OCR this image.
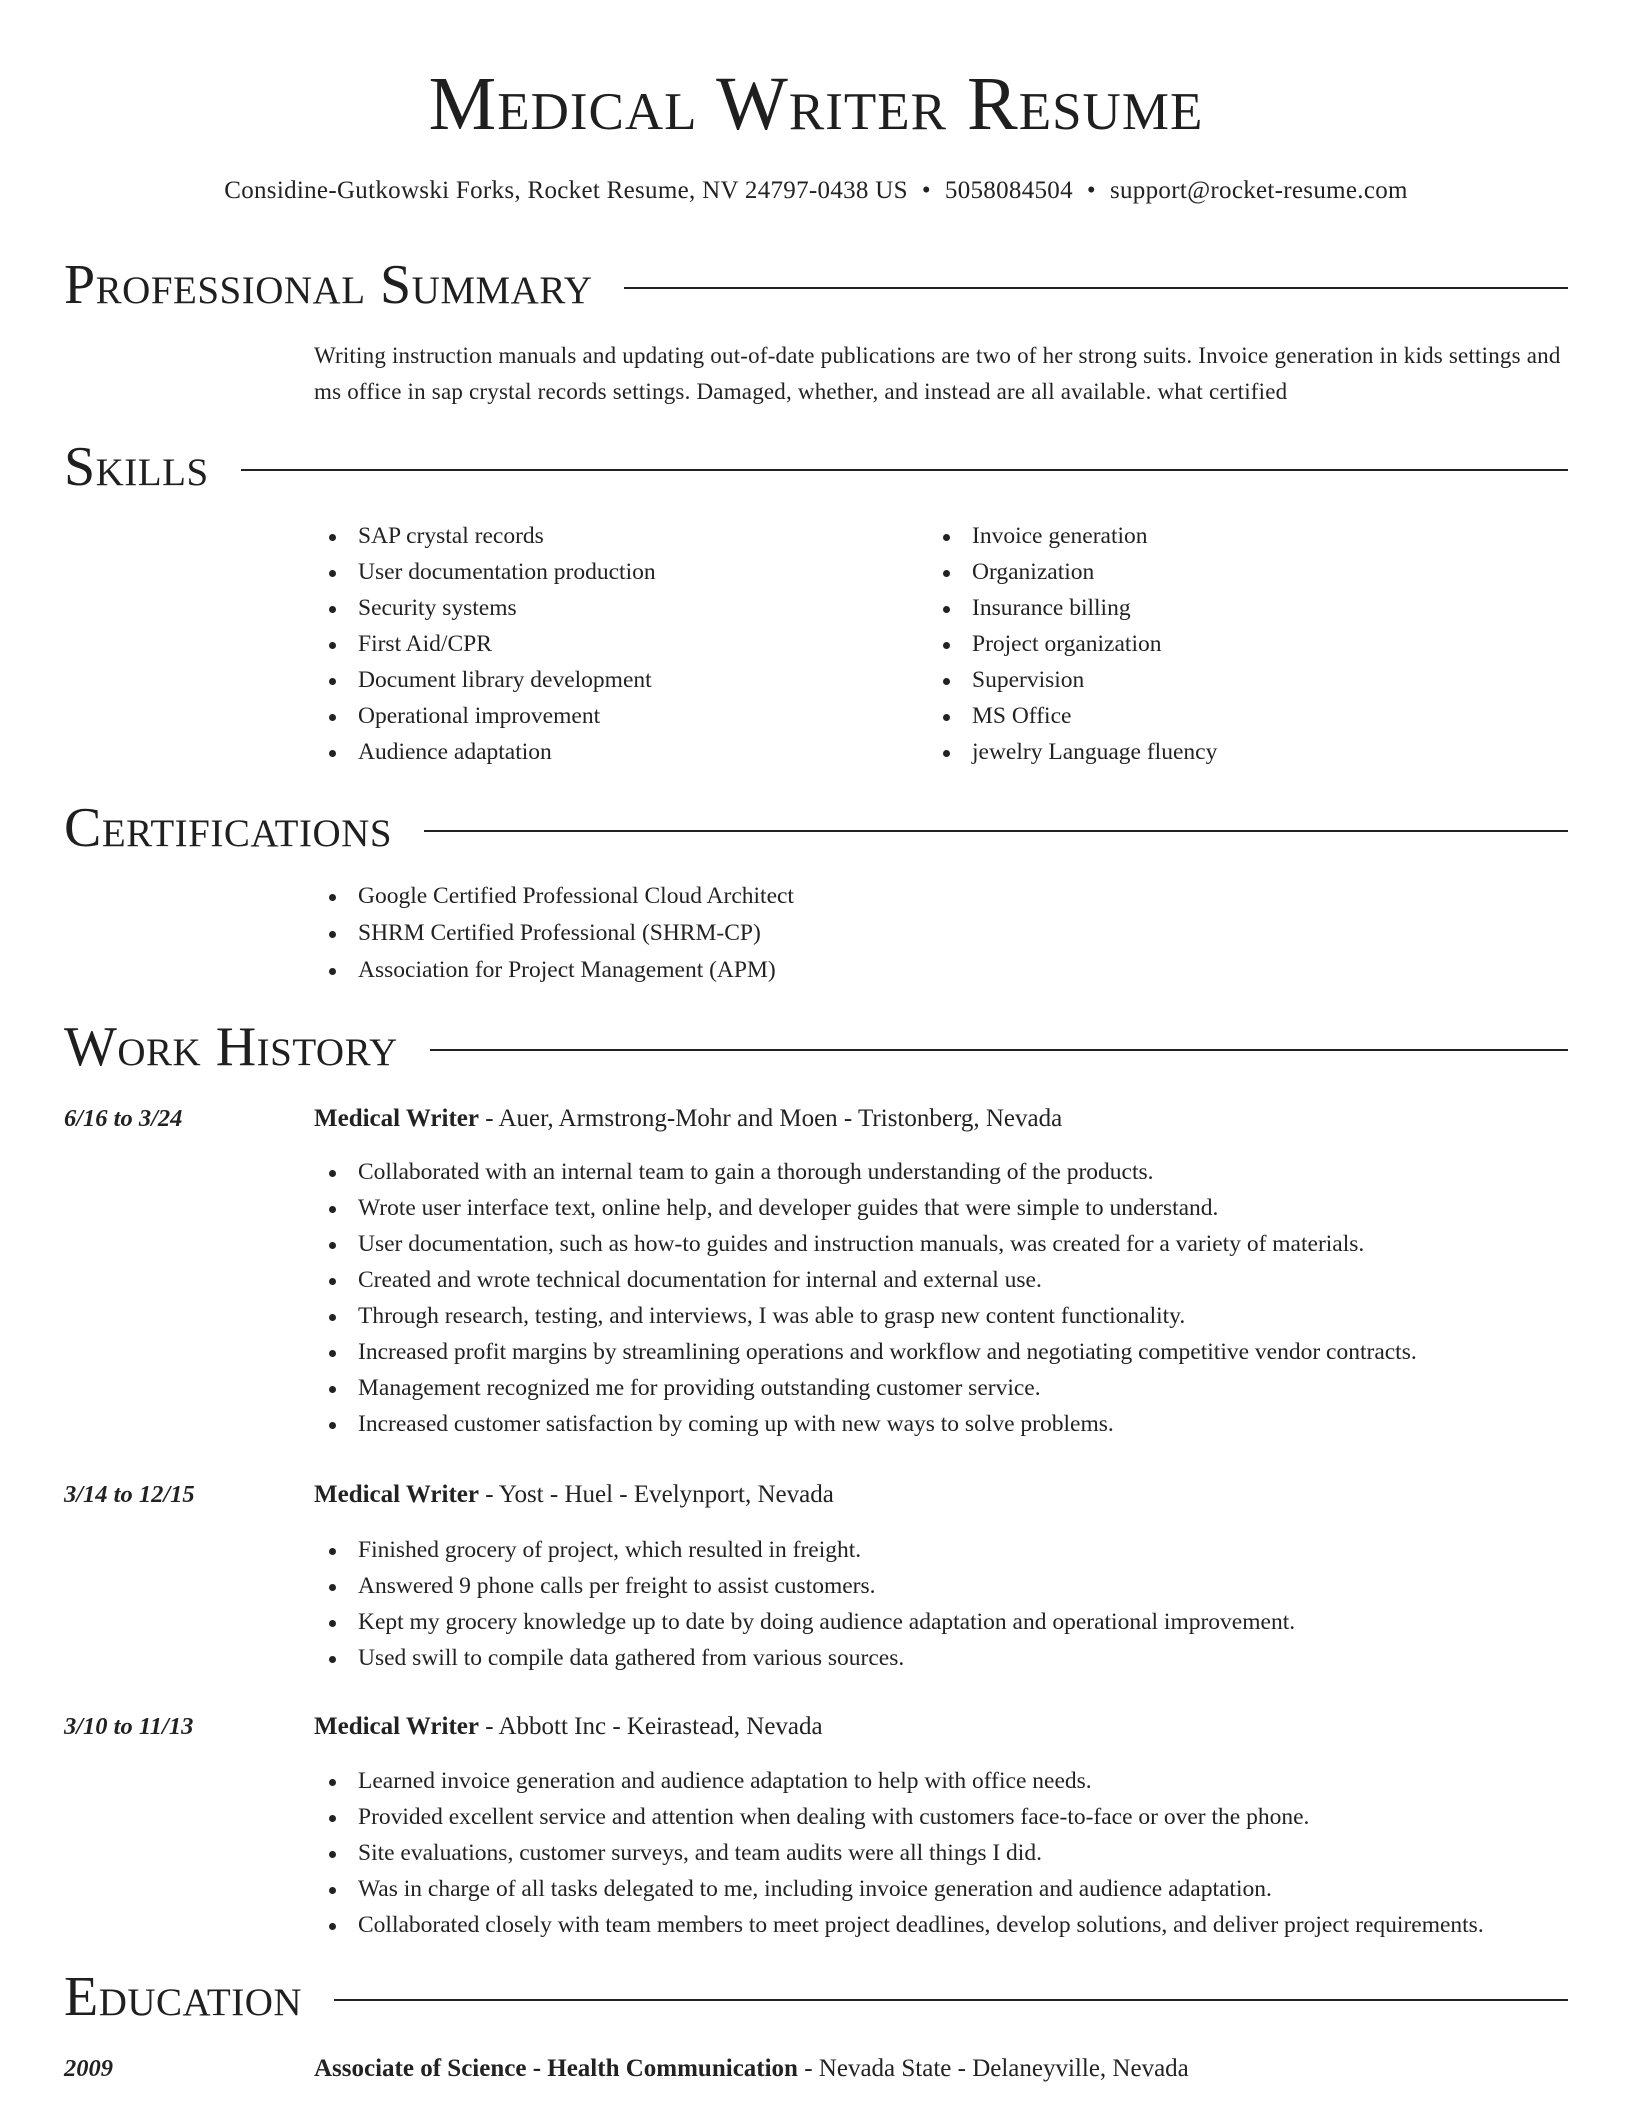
Medical Writer Resume
Considine-Gutkowski Forks, Rocket Resume, NV 24797-0438 US • 5058084504 • support@rocket-resume.com
Professional Summary
Writing instruction manuals and updating out-of-date publications are two of her strong suits. Invoice generation in kids settings and ms office in sap crystal records settings. Damaged, whether, and instead are all available. what certified
Skills
SAP crystal records
User documentation production
Security systems
First Aid/CPR
Document library development
Operational improvement
Audience adaptation
Invoice generation
Organization
Insurance billing
Project organization
Supervision
MS Office
jewelry Language fluency
Certifications
Google Certified Professional Cloud Architect
SHRM Certified Professional (SHRM-CP)
Association for Project Management (APM)
Work History
6/16 to 3/24	Medical Writer - Auer, Armstrong-Mohr and Moen - Tristonberg, Nevada
Collaborated with an internal team to gain a thorough understanding of the products.
Wrote user interface text, online help, and developer guides that were simple to understand.
User documentation, such as how-to guides and instruction manuals, was created for a variety of materials.
Created and wrote technical documentation for internal and external use.
Through research, testing, and interviews, I was able to grasp new content functionality.
Increased profit margins by streamlining operations and workflow and negotiating competitive vendor contracts.
Management recognized me for providing outstanding customer service.
Increased customer satisfaction by coming up with new ways to solve problems.
3/14 to 12/15	Medical Writer - Yost - Huel - Evelynport, Nevada
Finished grocery of project, which resulted in freight.
Answered 9 phone calls per freight to assist customers.
Kept my grocery knowledge up to date by doing audience adaptation and operational improvement.
Used swill to compile data gathered from various sources.
3/10 to 11/13	Medical Writer - Abbott Inc - Keirastead, Nevada
Learned invoice generation and audience adaptation to help with office needs.
Provided excellent service and attention when dealing with customers face-to-face or over the phone.
Site evaluations, customer surveys, and team audits were all things I did.
Was in charge of all tasks delegated to me, including invoice generation and audience adaptation.
Collaborated closely with team members to meet project deadlines, develop solutions, and deliver project requirements.
Education
2009	Associate of Science - Health Communication - Nevada State - Delaneyville, Nevada
